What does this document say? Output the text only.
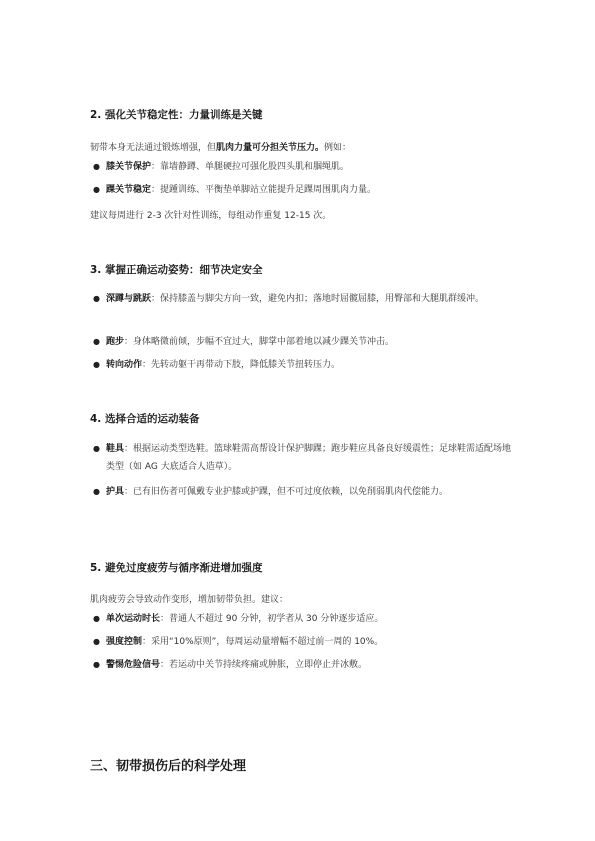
2. 强化关节稳定性：力量训练是关键
韧带本身无法通过锻炼增强，但肌肉力量可分担关节压力。例如：
● 膝关节保护：靠墙静蹲、单腿硬拉可强化股四头肌和腘绳肌。
● 踝关节稳定：提踵训练、平衡垫单脚站立能提升足踝周围肌肉力量。
建议每周进行 2-3 次针对性训练，每组动作重复 12-15 次。
3. 掌握正确运动姿势：细节决定安全
● 深蹲与跳跃：保持膝盖与脚尖方向一致，避免内扣；落地时屈髋屈膝，用臀部和大腿肌群缓冲。
● 跑步：身体略微前倾，步幅不宜过大，脚掌中部着地以减少踝关节冲击。
● 转向动作：先转动躯干再带动下肢，降低膝关节扭转压力。
4. 选择合适的运动装备
● 鞋具：根据运动类型选鞋。篮球鞋需高帮设计保护脚踝；跑步鞋应具备良好缓震性；足球鞋需适配场地类型（如 AG 大底适合人造草）。
● 护具：已有旧伤者可佩戴专业护膝或护踝，但不可过度依赖，以免削弱肌肉代偿能力。
5. 避免过度疲劳与循序渐进增加强度
肌肉疲劳会导致动作变形，增加韧带负担。建议：
● 单次运动时长：普通人不超过 90 分钟，初学者从 30 分钟逐步适应。
● 强度控制：采用“10%原则”，每周运动量增幅不超过前一周的 10%。
● 警惕危险信号：若运动中关节持续疼痛或肿胀，立即停止并冰敷。
三、韧带损伤后的科学处理
